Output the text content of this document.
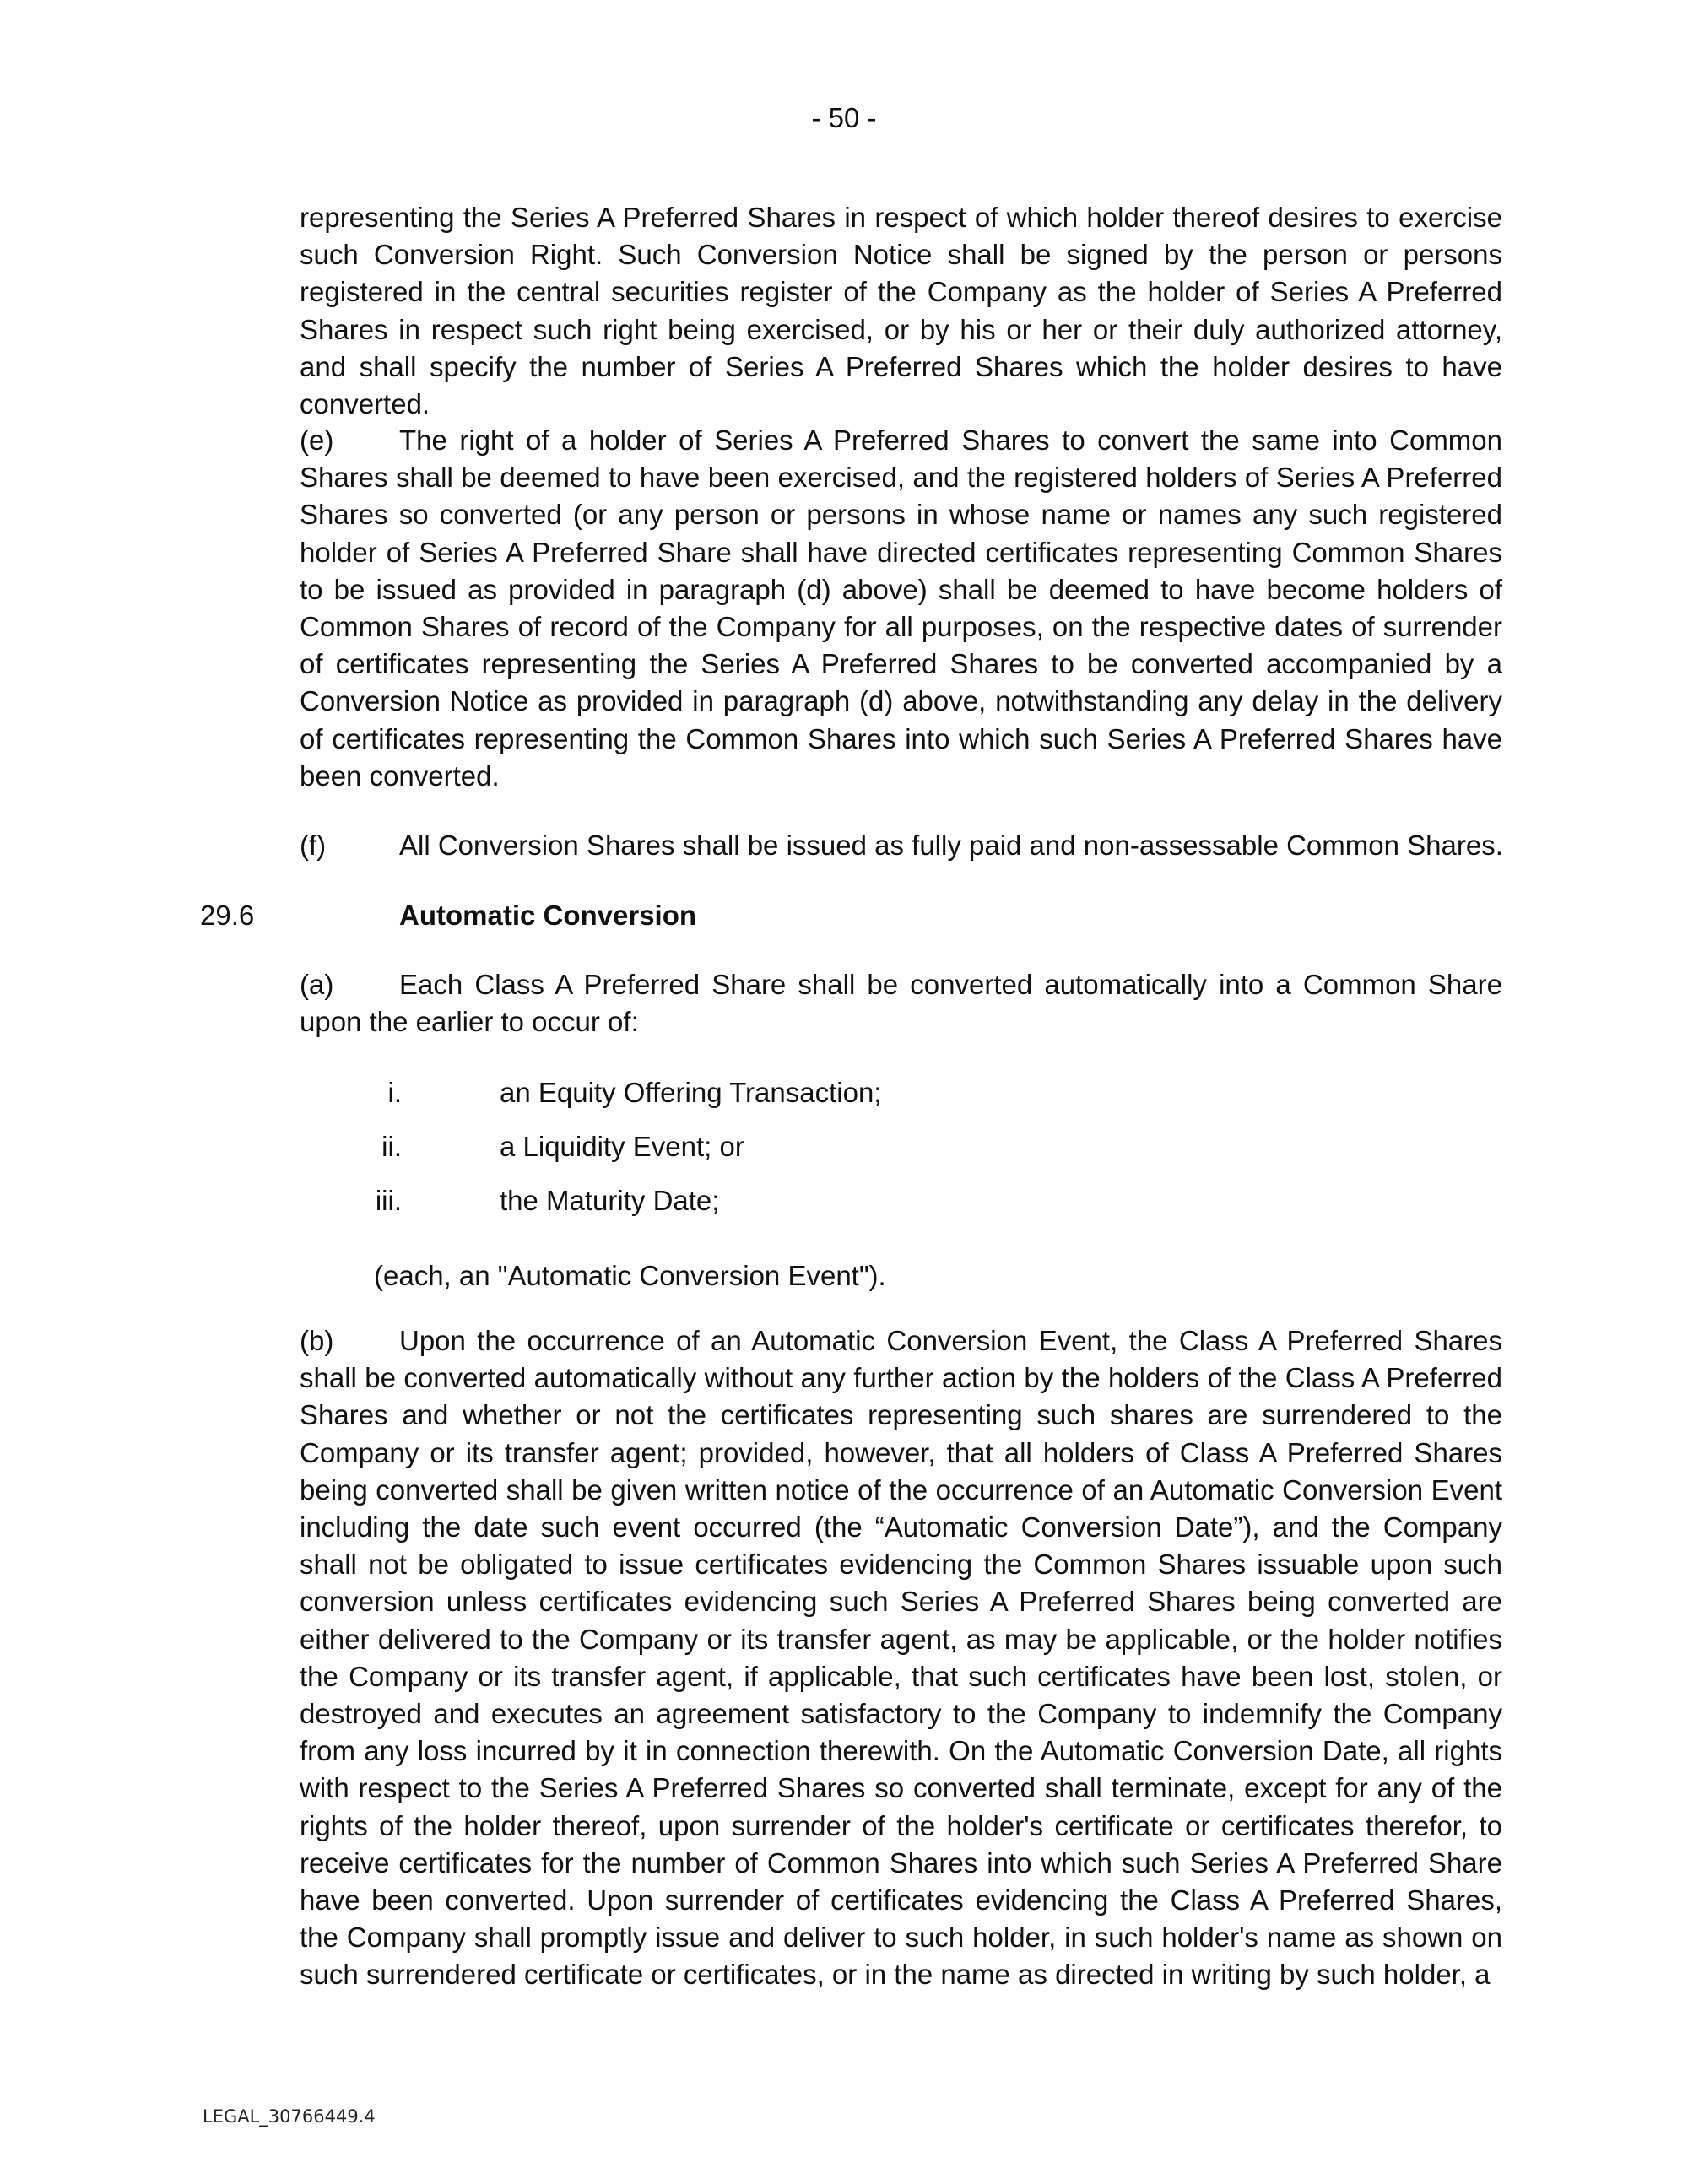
- 50 -

representing the Series A Preferred Shares in respect of which holder thereof desires to exercise such Conversion Right. Such Conversion Notice shall be signed by the person or persons registered in the central securities register of the Company as the holder of Series A Preferred Shares in respect such right being exercised, or by his or her or their duly authorized attorney, and shall specify the number of Series A Preferred Shares which the holder desires to have converted.

(e) The right of a holder of Series A Preferred Shares to convert the same into Common Shares shall be deemed to have been exercised, and the registered holders of Series A Preferred Shares so converted (or any person or persons in whose name or names any such registered holder of Series A Preferred Share shall have directed certificates representing Common Shares to be issued as provided in paragraph (d) above) shall be deemed to have become holders of Common Shares of record of the Company for all purposes, on the respective dates of surrender of certificates representing the Series A Preferred Shares to be converted accompanied by a Conversion Notice as provided in paragraph (d) above, notwithstanding any delay in the delivery of certificates representing the Common Shares into which such Series A Preferred Shares have been converted.

(f)	All Conversion Shares shall be issued as fully paid and non-assessable Common Shares.
29.6	Automatic Conversion

(a) Each Class A Preferred Share shall be converted automatically into a Common Share upon the earlier to occur of:

i.	an Equity Offering Transaction;
ii.	a Liquidity Event; or
iii.	the Maturity Date;
(each, an "Automatic Conversion Event").

(b) Upon the occurrence of an Automatic Conversion Event, the Class A Preferred Shares shall be converted automatically without any further action by the holders of the Class A Preferred Shares and whether or not the certificates representing such shares are surrendered to the Company or its transfer agent; provided, however, that all holders of Class A Preferred Shares being converted shall be given written notice of the occurrence of an Automatic Conversion Event including the date such event occurred (the “Automatic Conversion Date”), and the Company shall not be obligated to issue certificates evidencing the Common Shares issuable upon such conversion unless certificates evidencing such Series A Preferred Shares being converted are either delivered to the Company or its transfer agent, as may be applicable, or the holder notifies the Company or its transfer agent, if applicable, that such certificates have been lost, stolen, or destroyed and executes an agreement satisfactory to the Company to indemnify the Company from any loss incurred by it in connection therewith. On the Automatic Conversion Date, all rights with respect to the Series A Preferred Shares so converted shall terminate, except for any of the rights of the holder thereof, upon surrender of the holder's certificate or certificates therefor, to receive certificates for the number of Common Shares into which such Series A Preferred Share have been converted. Upon surrender of certificates evidencing the Class A Preferred Shares, the Company shall promptly issue and deliver to such holder, in such holder's name as shown on such surrendered certificate or certificates, or in the name as directed in writing by such holder, a

LEGAL_30766449.4
